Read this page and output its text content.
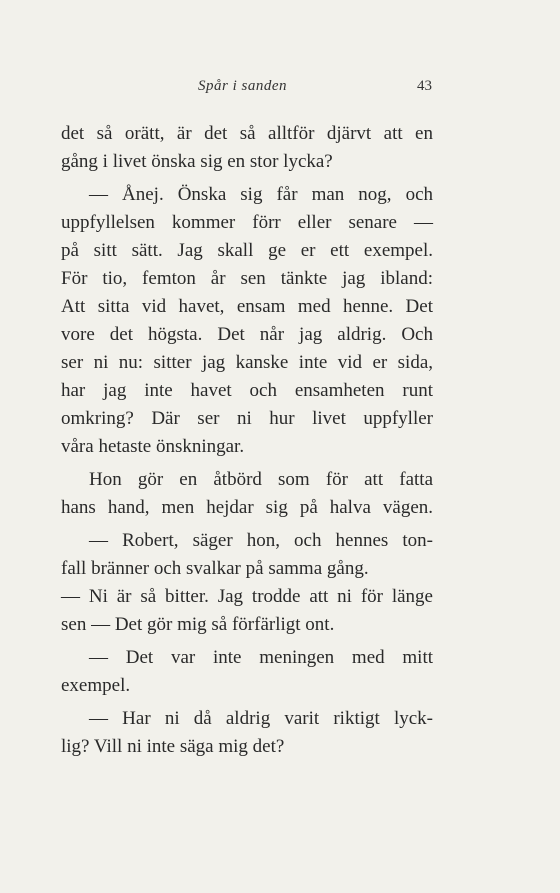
Spår i sanden	43
det så orätt, är det så alltför djärvt att en
gång i livet önska sig en stor lycka?
— Ånej. Önska sig får man nog, och
uppfyllelsen kommer förr eller senare —
på sitt sätt. Jag skall ge er ett exempel.
För tio, femton år sen tänkte jag ibland:
Att sitta vid havet, ensam med henne. Det
vore det högsta. Det når jag aldrig. Och
ser ni nu: sitter jag kanske inte vid er sida,
har jag inte havet och ensamheten runt
omkring? Där ser ni hur livet uppfyller
våra hetaste önskningar.
Hon gör en åtbörd som för att fatta
hans hand, men hejdar sig på halva vägen.
— Robert, säger hon, och hennes ton-
fall bränner och svalkar på samma gång.
— Ni är så bitter. Jag trodde att ni för länge
sen — Det gör mig så förfärligt ont.
— Det var inte meningen med mitt
exempel.
— Har ni då aldrig varit riktigt lyck-
lig? Vill ni inte säga mig det?
